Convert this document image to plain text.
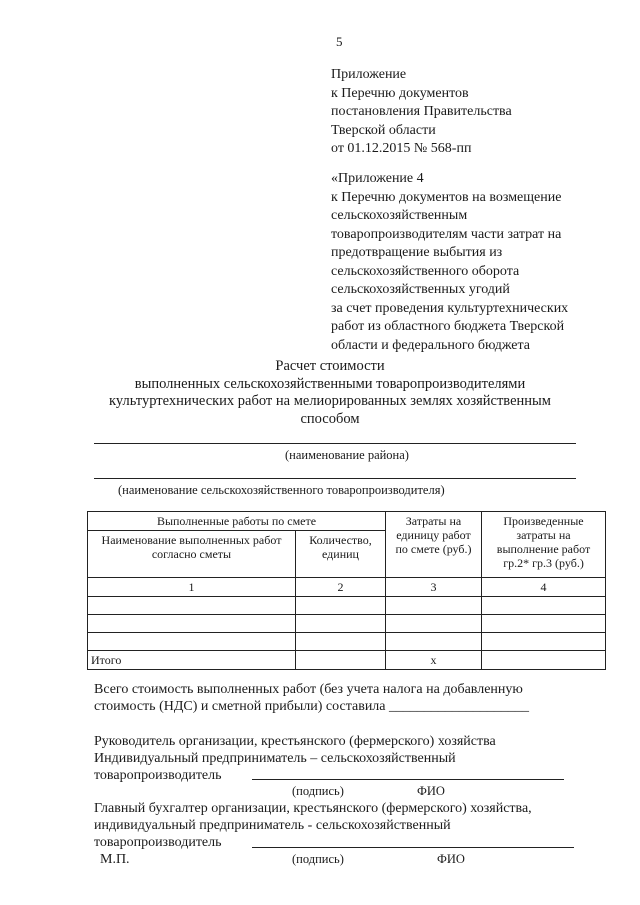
5
Приложение
к Перечню документов
постановления Правительства
Тверской области
от 01.12.2015 № 568-пп
«Приложение 4
к Перечню документов на возмещение
сельскохозяйственным
товаропроизводителям части затрат на
предотвращение выбытия из
сельскохозяйственного оборота
сельскохозяйственных угодий
за счет проведения культуртехнических
работ из областного бюджета Тверской
области и федерального бюджета
Расчет стоимости
выполненных сельскохозяйственными товаропроизводителями
культуртехнических работ на мелиорированных землях хозяйственным
способом
(наименование района)
(наименование сельскохозяйственного товаропроизводителя)
Выполненные работы по смете		Затраты на единицу работ по смете (руб.)	Произведенные затраты на выполнение работ гр.2* гр.3 (руб.)
Наименование выполненных работ согласно сметы	Количество, единиц		
1	2	3	4

Итого		x	
Всего стоимость выполненных работ (без учета налога на добавленную
стоимость (НДС) и сметной прибыли) составила ____________________
Руководитель организации, крестьянского (фермерского) хозяйства
Индивидуальный предприниматель – сельскохозяйственный
товаропроизводитель
(подпись)	ФИО
Главный бухгалтер организации, крестьянского (фермерского) хозяйства,
индивидуальный предприниматель - сельскохозяйственный
товаропроизводитель
М.П.	(подпись)	ФИО
